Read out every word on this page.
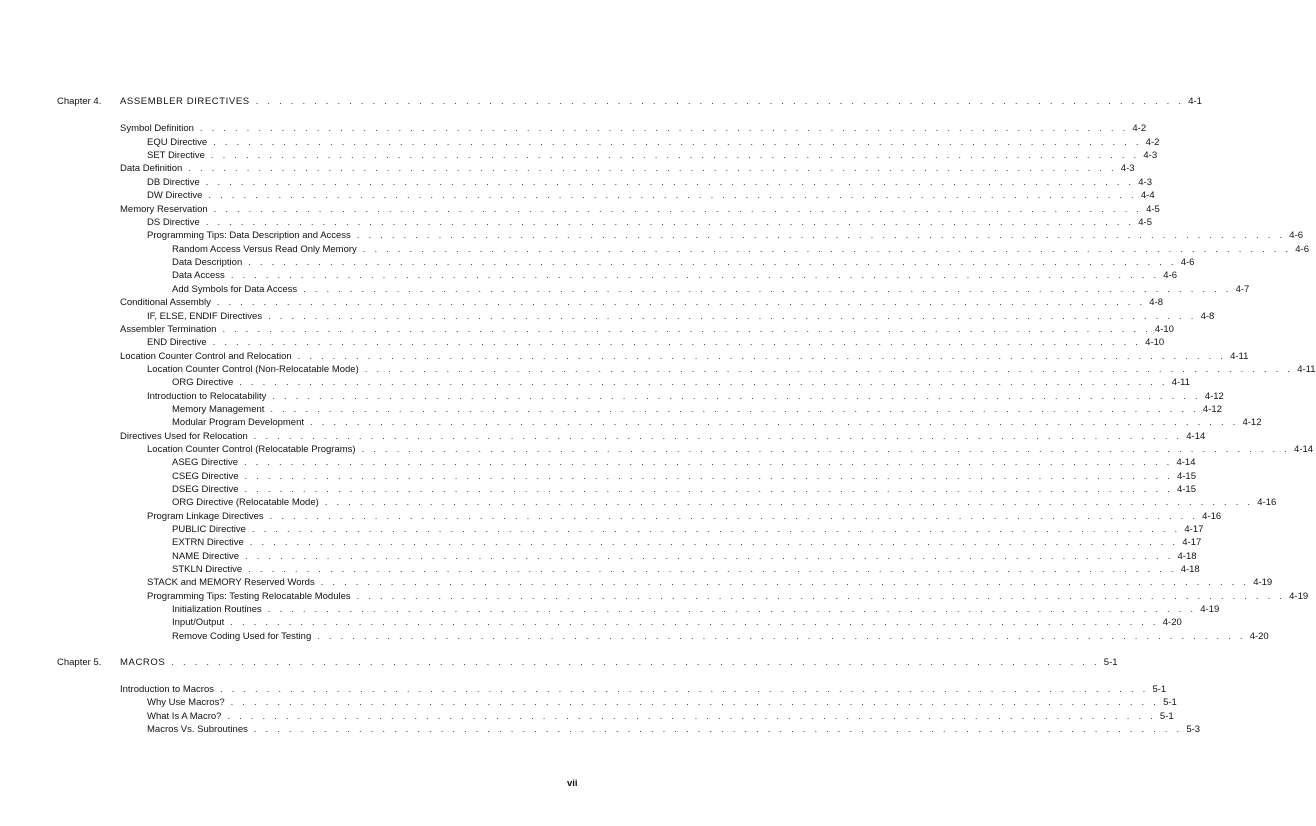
Chapter 4. ASSEMBLER DIRECTIVES . . . . . . . . . . . . . . . . . . . . . . . . . . . . . . . . . . . . . . . . . . . . . . . . . . . . . . . . . . . . . . . . . . . . . . . . . . . . . . . . 4-1
Symbol Definition . . . . . . . . . . . . . . . . . . . . . . . . . . . . . . . . . . . . . . . . . . . . . . . . . . . . . . . . . . . . . . . . . . . . . . . . . . . . . . . . 4-2
EQU Directive . . . . . . . . . . . . . . . . . . . . . . . . . . . . . . . . . . . . . . . . . . . . . . . . . . . . . . . . . . . . . . . . . . . . . . . . . . . . . . . . 4-2
SET Directive . . . . . . . . . . . . . . . . . . . . . . . . . . . . . . . . . . . . . . . . . . . . . . . . . . . . . . . . . . . . . . . . . . . . . . . . . . . . . . . . 4-3
Data Definition . . . . . . . . . . . . . . . . . . . . . . . . . . . . . . . . . . . . . . . . . . . . . . . . . . . . . . . . . . . . . . . . . . . . . . . . . . . . . . . . 4-3
DB Directive . . . . . . . . . . . . . . . . . . . . . . . . . . . . . . . . . . . . . . . . . . . . . . . . . . . . . . . . . . . . . . . . . . . . . . . . . . . . . . . . 4-3
DW Directive . . . . . . . . . . . . . . . . . . . . . . . . . . . . . . . . . . . . . . . . . . . . . . . . . . . . . . . . . . . . . . . . . . . . . . . . . . . . . . . . 4-4
Memory Reservation . . . . . . . . . . . . . . . . . . . . . . . . . . . . . . . . . . . . . . . . . . . . . . . . . . . . . . . . . . . . . . . . . . . . . . . . . . . . . . . . 4-5
DS Directive . . . . . . . . . . . . . . . . . . . . . . . . . . . . . . . . . . . . . . . . . . . . . . . . . . . . . . . . . . . . . . . . . . . . . . . . . . . . . . . . 4-5
Programming Tips: Data Description and Access . . . . . . . . . . . . . . . . . . . . . . . . . . . . . . . . . . . . . . . . . . . . . . . . . . . . . . . . . . . . . . . . . . . . . . . . . . . . . . . . 4-6
Random Access Versus Read Only Memory . . . . . . . . . . . . . . . . . . . . . . . . . . . . . . . . . . . . . . . . . . . . . . . . . . . . . . . . . . . . . . . . . . . . . . . . . . . . . . . . 4-6
Data Description . . . . . . . . . . . . . . . . . . . . . . . . . . . . . . . . . . . . . . . . . . . . . . . . . . . . . . . . . . . . . . . . . . . . . . . . . . . . . . . . 4-6
Data Access . . . . . . . . . . . . . . . . . . . . . . . . . . . . . . . . . . . . . . . . . . . . . . . . . . . . . . . . . . . . . . . . . . . . . . . . . . . . . . . . 4-6
Add Symbols for Data Access . . . . . . . . . . . . . . . . . . . . . . . . . . . . . . . . . . . . . . . . . . . . . . . . . . . . . . . . . . . . . . . . . . . . . . . . . . . . . . . . 4-7
Conditional Assembly . . . . . . . . . . . . . . . . . . . . . . . . . . . . . . . . . . . . . . . . . . . . . . . . . . . . . . . . . . . . . . . . . . . . . . . . . . . . . . . . 4-8
IF, ELSE, ENDIF Directives . . . . . . . . . . . . . . . . . . . . . . . . . . . . . . . . . . . . . . . . . . . . . . . . . . . . . . . . . . . . . . . . . . . . . . . . . . . . . . . . 4-8
Assembler Termination . . . . . . . . . . . . . . . . . . . . . . . . . . . . . . . . . . . . . . . . . . . . . . . . . . . . . . . . . . . . . . . . . . . . . . . . . . . . . . . . 4-10
END Directive . . . . . . . . . . . . . . . . . . . . . . . . . . . . . . . . . . . . . . . . . . . . . . . . . . . . . . . . . . . . . . . . . . . . . . . . . . . . . . . . 4-10
Location Counter Control and Relocation . . . . . . . . . . . . . . . . . . . . . . . . . . . . . . . . . . . . . . . . . . . . . . . . . . . . . . . . . . . . . . . . . . . . . . . . . . . . . . . . 4-11
Location Counter Control (Non-Relocatable Mode) . . . . . . . . . . . . . . . . . . . . . . . . . . . . . . . . . . . . . . . . . . . . . . . . . . . . . . . . . . . . . . . . . . . . . . . . . . . . . . . . 4-11
ORG Directive . . . . . . . . . . . . . . . . . . . . . . . . . . . . . . . . . . . . . . . . . . . . . . . . . . . . . . . . . . . . . . . . . . . . . . . . . . . . . . . . 4-11
Introduction to Relocatability . . . . . . . . . . . . . . . . . . . . . . . . . . . . . . . . . . . . . . . . . . . . . . . . . . . . . . . . . . . . . . . . . . . . . . . . . . . . . . . . 4-12
Memory Management . . . . . . . . . . . . . . . . . . . . . . . . . . . . . . . . . . . . . . . . . . . . . . . . . . . . . . . . . . . . . . . . . . . . . . . . . . . . . . . . 4-12
Modular Program Development . . . . . . . . . . . . . . . . . . . . . . . . . . . . . . . . . . . . . . . . . . . . . . . . . . . . . . . . . . . . . . . . . . . . . . . . . . . . . . . . 4-12
Directives Used for Relocation . . . . . . . . . . . . . . . . . . . . . . . . . . . . . . . . . . . . . . . . . . . . . . . . . . . . . . . . . . . . . . . . . . . . . . . . . . . . . . . . 4-14
Location Counter Control (Relocatable Programs) . . . . . . . . . . . . . . . . . . . . . . . . . . . . . . . . . . . . . . . . . . . . . . . . . . . . . . . . . . . . . . . . . . . . . . . . . . . . . . . . 4-14
ASEG Directive . . . . . . . . . . . . . . . . . . . . . . . . . . . . . . . . . . . . . . . . . . . . . . . . . . . . . . . . . . . . . . . . . . . . . . . . . . . . . . . . 4-14
CSEG Directive . . . . . . . . . . . . . . . . . . . . . . . . . . . . . . . . . . . . . . . . . . . . . . . . . . . . . . . . . . . . . . . . . . . . . . . . . . . . . . . . 4-15
DSEG Directive . . . . . . . . . . . . . . . . . . . . . . . . . . . . . . . . . . . . . . . . . . . . . . . . . . . . . . . . . . . . . . . . . . . . . . . . . . . . . . . . 4-15
ORG Directive (Relocatable Mode) . . . . . . . . . . . . . . . . . . . . . . . . . . . . . . . . . . . . . . . . . . . . . . . . . . . . . . . . . . . . . . . . . . . . . . . . . . . . . . . . 4-16
Program Linkage Directives . . . . . . . . . . . . . . . . . . . . . . . . . . . . . . . . . . . . . . . . . . . . . . . . . . . . . . . . . . . . . . . . . . . . . . . . . . . . . . . . 4-16
PUBLIC Directive . . . . . . . . . . . . . . . . . . . . . . . . . . . . . . . . . . . . . . . . . . . . . . . . . . . . . . . . . . . . . . . . . . . . . . . . . . . . . . . . 4-17
EXTRN Directive . . . . . . . . . . . . . . . . . . . . . . . . . . . . . . . . . . . . . . . . . . . . . . . . . . . . . . . . . . . . . . . . . . . . . . . . . . . . . . . . 4-17
NAME Directive . . . . . . . . . . . . . . . . . . . . . . . . . . . . . . . . . . . . . . . . . . . . . . . . . . . . . . . . . . . . . . . . . . . . . . . . . . . . . . . . 4-18
STKLN Directive . . . . . . . . . . . . . . . . . . . . . . . . . . . . . . . . . . . . . . . . . . . . . . . . . . . . . . . . . . . . . . . . . . . . . . . . . . . . . . . . 4-18
STACK and MEMORY Reserved Words . . . . . . . . . . . . . . . . . . . . . . . . . . . . . . . . . . . . . . . . . . . . . . . . . . . . . . . . . . . . . . . . . . . . . . . . . . . . . . . . 4-19
Programming Tips: Testing Relocatable Modules . . . . . . . . . . . . . . . . . . . . . . . . . . . . . . . . . . . . . . . . . . . . . . . . . . . . . . . . . . . . . . . . . . . . . . . . . . . . . . . . 4-19
Initialization Routines . . . . . . . . . . . . . . . . . . . . . . . . . . . . . . . . . . . . . . . . . . . . . . . . . . . . . . . . . . . . . . . . . . . . . . . . . . . . . . . . 4-19
Input/Output . . . . . . . . . . . . . . . . . . . . . . . . . . . . . . . . . . . . . . . . . . . . . . . . . . . . . . . . . . . . . . . . . . . . . . . . . . . . . . . . 4-20
Remove Coding Used for Testing . . . . . . . . . . . . . . . . . . . . . . . . . . . . . . . . . . . . . . . . . . . . . . . . . . . . . . . . . . . . . . . . . . . . . . . . . . . . . . . . 4-20
Chapter 5. MACROS . . . . . . . . . . . . . . . . . . . . . . . . . . . . . . . . . . . . . . . . . . . . . . . . . . . . . . . . . . . . . . . . . . . . . . . . . . . . . . . . 5-1
Introduction to Macros . . . . . . . . . . . . . . . . . . . . . . . . . . . . . . . . . . . . . . . . . . . . . . . . . . . . . . . . . . . . . . . . . . . . . . . . . . . . . . . . 5-1
Why Use Macros? . . . . . . . . . . . . . . . . . . . . . . . . . . . . . . . . . . . . . . . . . . . . . . . . . . . . . . . . . . . . . . . . . . . . . . . . . . . . . . . . 5-1
What Is A Macro? . . . . . . . . . . . . . . . . . . . . . . . . . . . . . . . . . . . . . . . . . . . . . . . . . . . . . . . . . . . . . . . . . . . . . . . . . . . . . . . . 5-1
Macros Vs. Subroutines . . . . . . . . . . . . . . . . . . . . . . . . . . . . . . . . . . . . . . . . . . . . . . . . . . . . . . . . . . . . . . . . . . . . . . . . . . . . . . . . 5-3
vii
